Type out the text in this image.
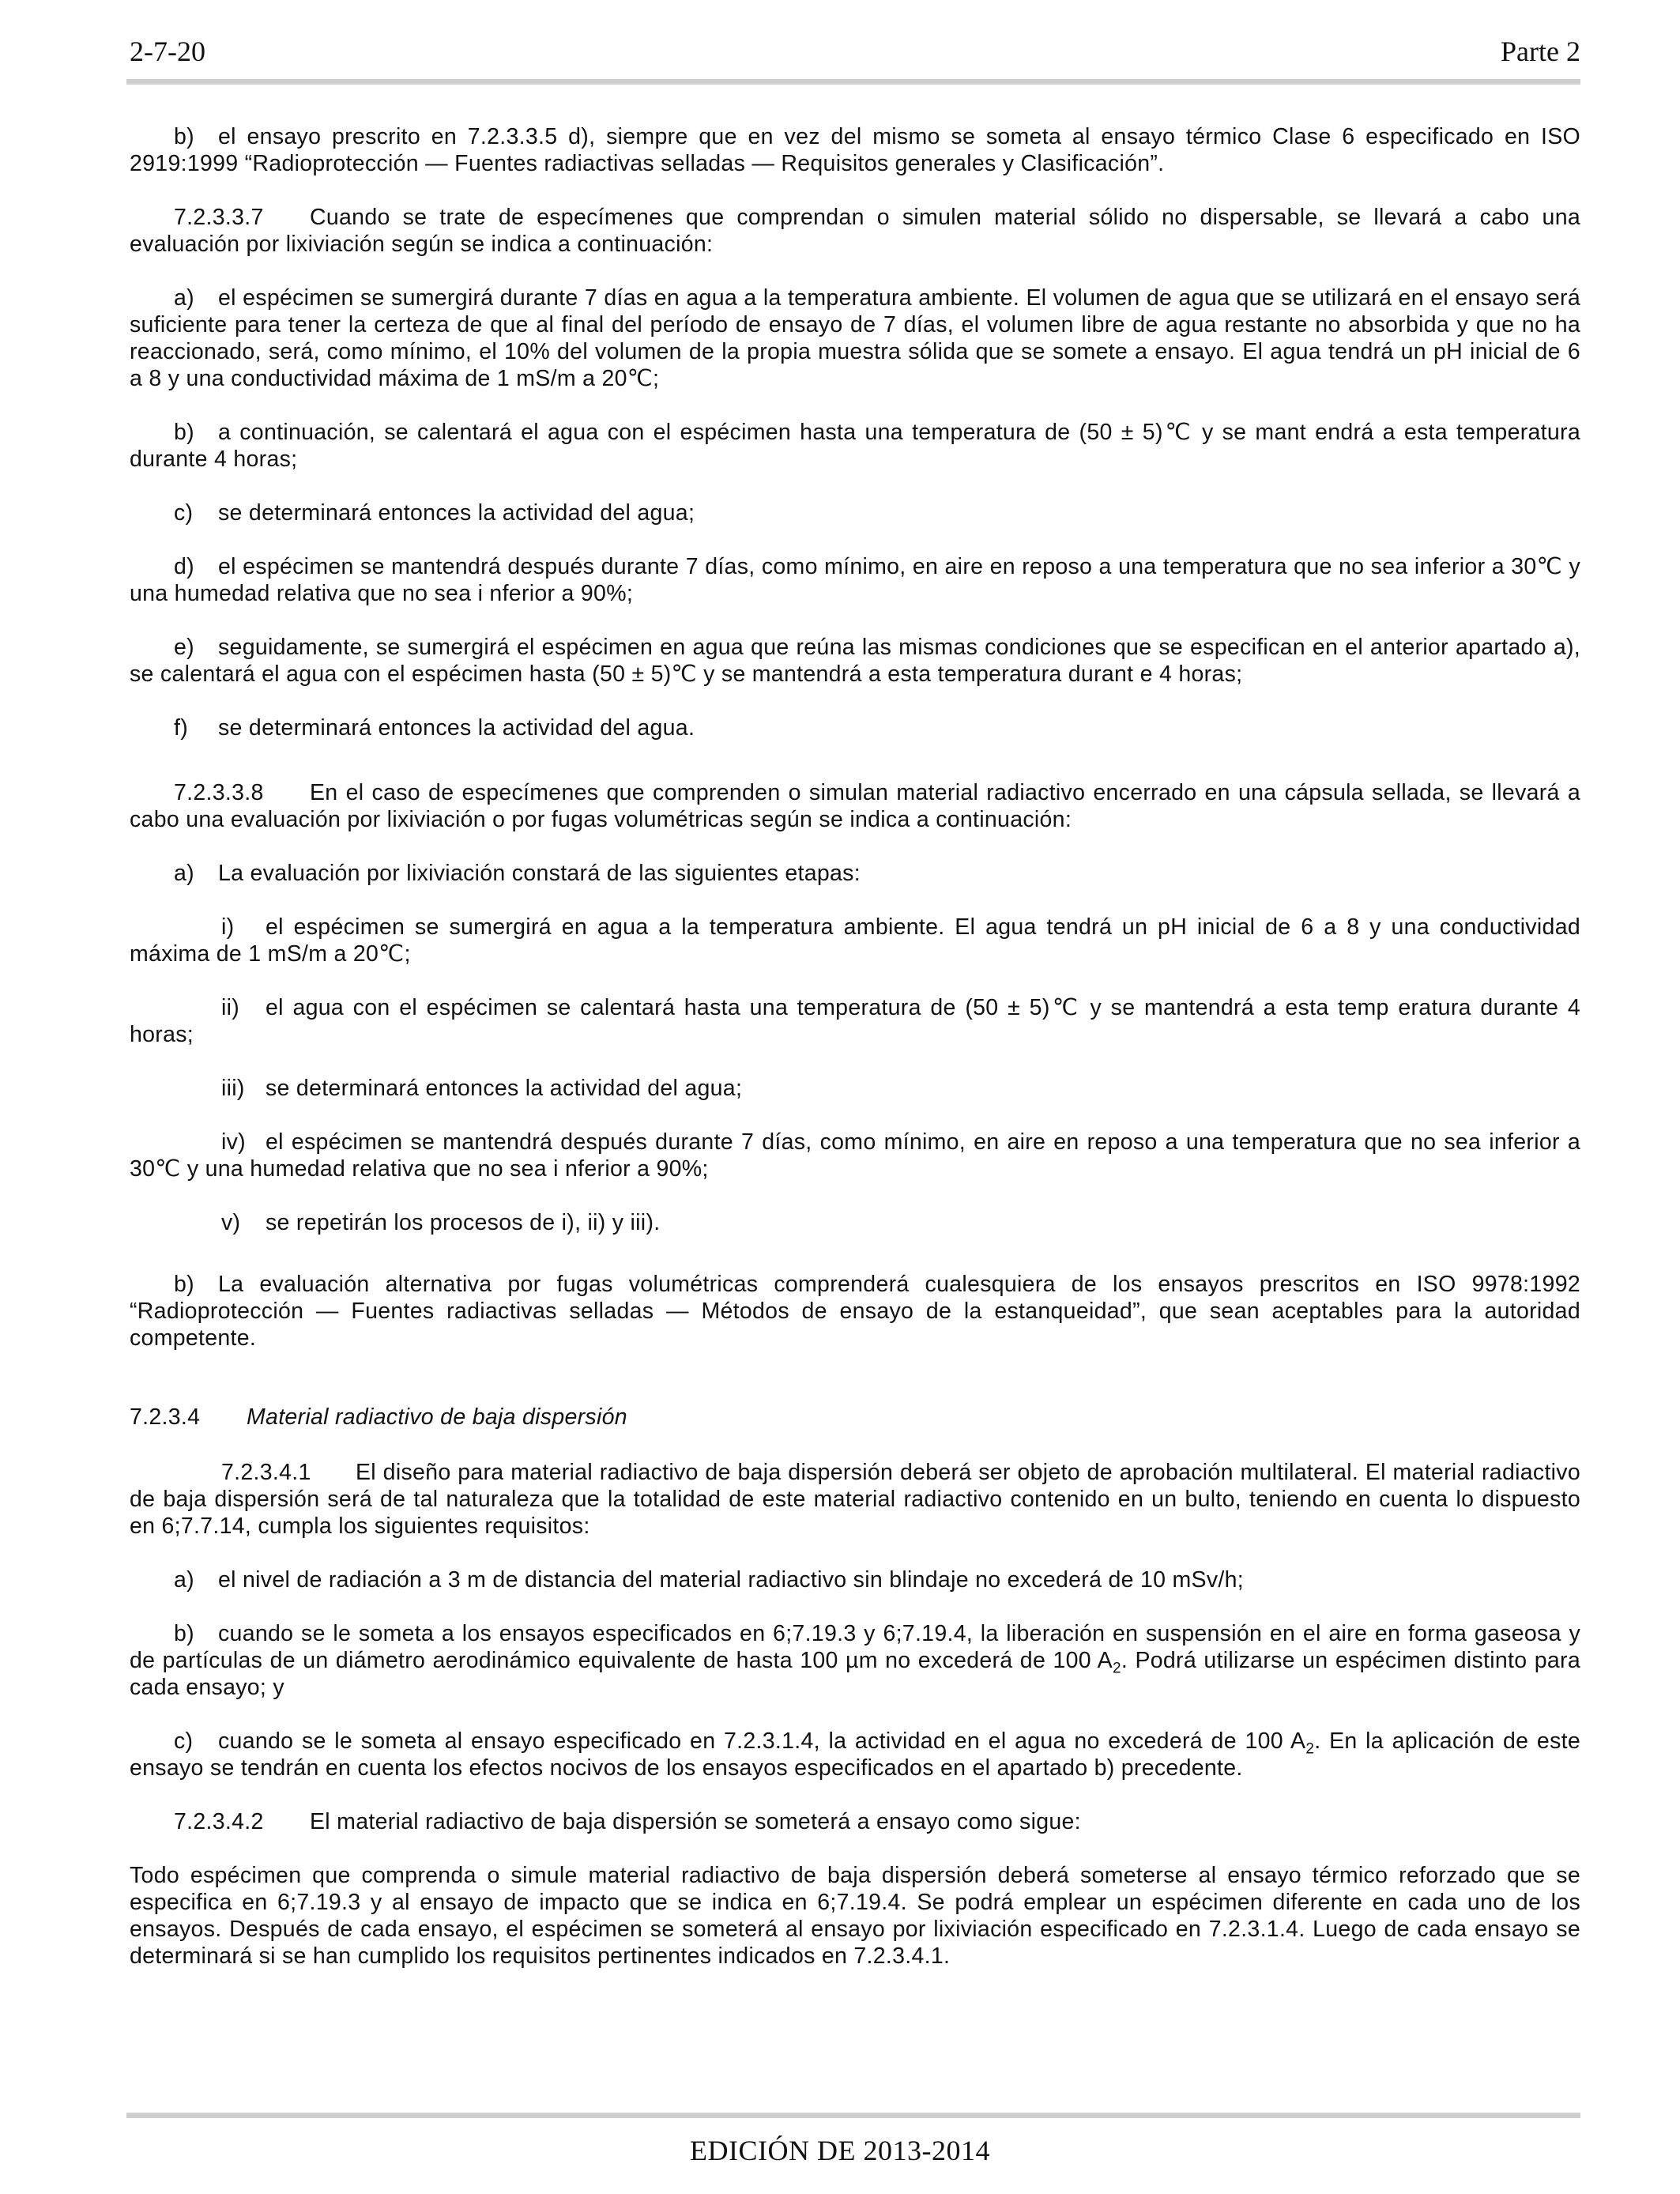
2-7-20	Parte 2

b) el ensayo prescrito en 7.2.3.3.5 d), siempre que en vez del mismo se someta al ensayo térmico Clase 6 especificado en ISO 2919:1999 “Radioprotección — Fuentes radiactivas selladas — Requisitos generales y Clasificación”.

7.2.3.3.7 Cuando se trate de especímenes que comprendan o simulen material sólido no dispersable, se llevará a cabo una evaluación por lixiviación según se indica a continuación:

a) el espécimen se sumergirá durante 7 días en agua a la temperatura ambiente. El volumen de agua que se utilizará en el ensayo será suficiente para tener la certeza de que al final del período de ensayo de 7 días, el volumen libre de agua restante no absorbida y que no ha reaccionado, será, como mínimo, el 10% del volumen de la propia muestra sólida que se somete a ensayo. El agua tendrá un pH inicial de 6 a 8 y una conductividad máxima de 1 mS/m a 20℃;

b) a continuación, se calentará el agua con el espécimen hasta una temperatura de (50 ± 5)℃ y se mant endrá a esta temperatura durante 4 horas;

c) se determinará entonces la actividad del agua;

d) el espécimen se mantendrá después durante 7 días, como mínimo, en aire en reposo a una temperatura que no sea inferior a 30℃ y una humedad relativa que no sea i nferior a 90%;

e) seguidamente, se sumergirá el espécimen en agua que reúna las mismas condiciones que se especifican en el anterior apartado a), se calentará el agua con el espécimen hasta (50 ± 5)℃ y se mantendrá a esta temperatura durant e 4 horas;

f) se determinará entonces la actividad del agua.

7.2.3.3.8 En el caso de especímenes que comprenden o simulan material radiactivo encerrado en una cápsula sellada, se llevará a cabo una evaluación por lixiviación o por fugas volumétricas según se indica a continuación:

a) La evaluación por lixiviación constará de las siguientes etapas:

i) el espécimen se sumergirá en agua a la temperatura ambiente. El agua tendrá un pH inicial de 6 a 8 y una conductividad máxima de 1 mS/m a 20℃;

ii) el agua con el espécimen se calentará hasta una temperatura de (50 ± 5)℃ y se mantendrá a esta temp eratura durante 4 horas;

iii) se determinará entonces la actividad del agua;

iv) el espécimen se mantendrá después durante 7 días, como mínimo, en aire en reposo a una temperatura que no sea inferior a 30℃ y una humedad relativa que no sea i nferior a 90%;

v) se repetirán los procesos de i), ii) y iii).

b) La evaluación alternativa por fugas volumétricas comprenderá cualesquiera de los ensayos prescritos en ISO 9978:1992 “Radioprotección — Fuentes radiactivas selladas — Métodos de ensayo de la estanqueidad”, que sean aceptables para la autoridad competente.

7.2.3.4 Material radiactivo de baja dispersión

7.2.3.4.1 El diseño para material radiactivo de baja dispersión deberá ser objeto de aprobación multilateral. El material radiactivo de baja dispersión será de tal naturaleza que la totalidad de este material radiactivo contenido en un bulto, teniendo en cuenta lo dispuesto en 6;7.7.14, cumpla los siguientes requisitos:

a) el nivel de radiación a 3 m de distancia del material radiactivo sin blindaje no excederá de 10 mSv/h;

b) cuando se le someta a los ensayos especificados en 6;7.19.3 y 6;7.19.4, la liberación en suspensión en el aire en forma gaseosa y de partículas de un diámetro aerodinámico equivalente de hasta 100 µm no excederá de 100 $A_2$. Podrá utilizarse un espécimen distinto para cada ensayo; y

c) cuando se le someta al ensayo especificado en 7.2.3.1.4, la actividad en el agua no excederá de 100 $A_2$. En la aplicación de este ensayo se tendrán en cuenta los efectos nocivos de los ensayos especificados en el apartado b) precedente.

7.2.3.4.2 El material radiactivo de baja dispersión se someterá a ensayo como sigue:

Todo espécimen que comprenda o simule material radiactivo de baja dispersión deberá someterse al ensayo térmico reforzado que se especifica en 6;7.19.3 y al ensayo de impacto que se indica en 6;7.19.4. Se podrá emplear un espécimen diferente en cada uno de los ensayos. Después de cada ensayo, el espécimen se someterá al ensayo por lixiviación especificado en 7.2.3.1.4. Luego de cada ensayo se determinará si se han cumplido los requisitos pertinentes indicados en 7.2.3.4.1.

EDICIÓN DE 2013-2014
